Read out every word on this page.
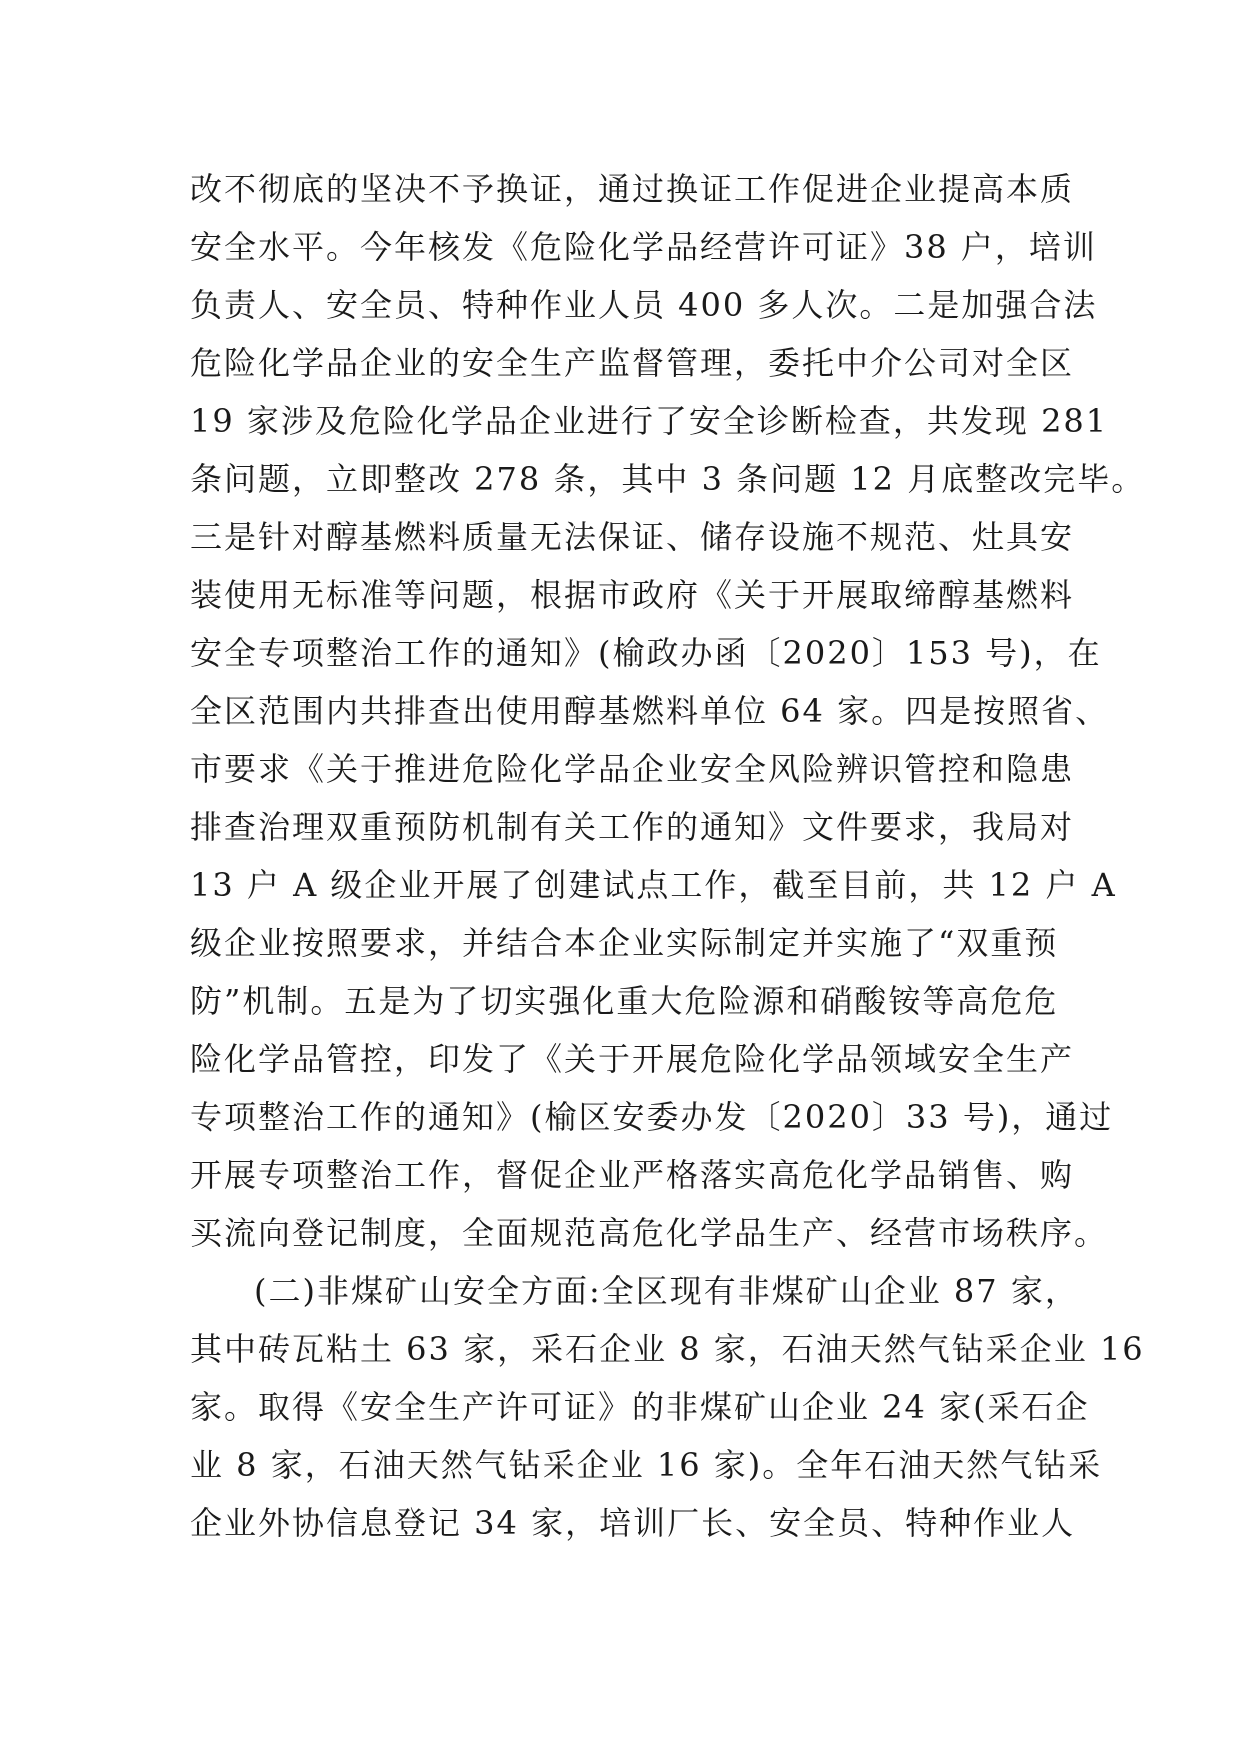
改不彻底的坚决不予换证，通过换证工作促进企业提高本质
安全水平。今年核发《危险化学品经营许可证》38 户，培训
负责人、安全员、特种作业人员 400 多人次。二是加强合法
危险化学品企业的安全生产监督管理，委托中介公司对全区
19 家涉及危险化学品企业进行了安全诊断检查，共发现 281
条问题，立即整改 278 条，其中 3 条问题 12 月底整改完毕。
三是针对醇基燃料质量无法保证、储存设施不规范、灶具安
装使用无标准等问题，根据市政府《关于开展取缔醇基燃料
安全专项整治工作的通知》(榆政办函〔2020〕153 号)，在
全区范围内共排查出使用醇基燃料单位 64 家。四是按照省、
市要求《关于推进危险化学品企业安全风险辨识管控和隐患
排查治理双重预防机制有关工作的通知》文件要求，我局对
13 户 A 级企业开展了创建试点工作，截至目前，共 12 户 A
级企业按照要求，并结合本企业实际制定并实施了“双重预
防”机制。五是为了切实强化重大危险源和硝酸铵等高危危
险化学品管控，印发了《关于开展危险化学品领域安全生产
专项整治工作的通知》(榆区安委办发〔2020〕33 号)，通过
开展专项整治工作，督促企业严格落实高危化学品销售、购
买流向登记制度，全面规范高危化学品生产、经营市场秩序。
(二)非煤矿山安全方面:全区现有非煤矿山企业 87 家，
其中砖瓦粘土 63 家，采石企业 8 家，石油天然气钻采企业 16
家。取得《安全生产许可证》的非煤矿山企业 24 家(采石企
业 8 家，石油天然气钻采企业 16 家)。全年石油天然气钻采
企业外协信息登记 34 家，培训厂长、安全员、特种作业人
